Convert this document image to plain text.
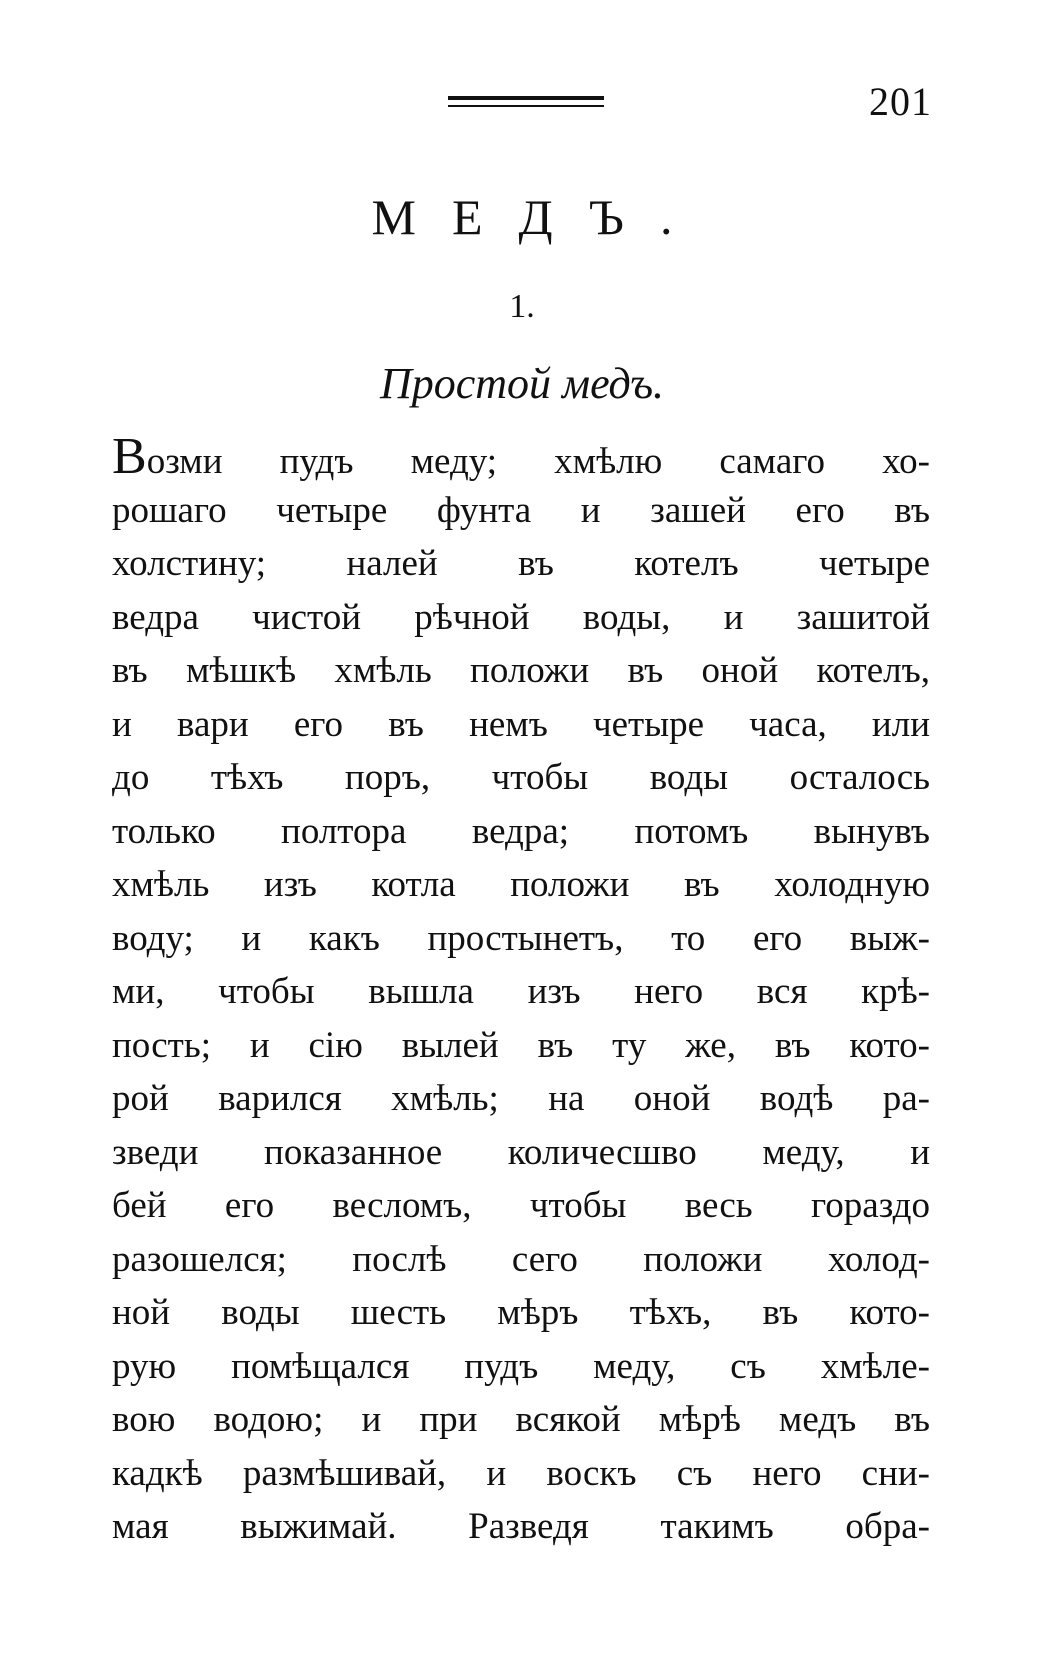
201
МЕДЪ.
1.
Простой медъ.
Возми пудъ меду; хмѣлю самаго хо-
рошаго четыре фунта и зашей его въ
холстину; налей въ котелъ четыре
ведра чистой рѣчной воды, и зашитой
въ мѣшкѣ хмѣль положи въ оной котелъ,
и вари его въ немъ четыре часа, или
до тѣхъ поръ, чтобы воды осталось
только полтора ведра; потомъ вынувъ
хмѣль изъ котла положи въ холодную
воду; и какъ простынетъ, то его выж-
ми, чтобы вышла изъ него вся крѣ-
пость; и сію вылей въ ту же, въ кото-
рой варился хмѣль; на оной водѣ ра-
зведи показанное количесшво меду, и
бей его весломъ, чтобы весь гораздо
разошелся; послѣ сего положи холод-
ной воды шесть мѣръ тѣхъ, въ кото-
рую помѣщался пудъ меду, съ хмѣле-
вою водою; и при всякой мѣрѣ медъ въ
кадкѣ размѣшивай, и воскъ съ него сни-
мая выжимай. Разведя такимъ обра-
